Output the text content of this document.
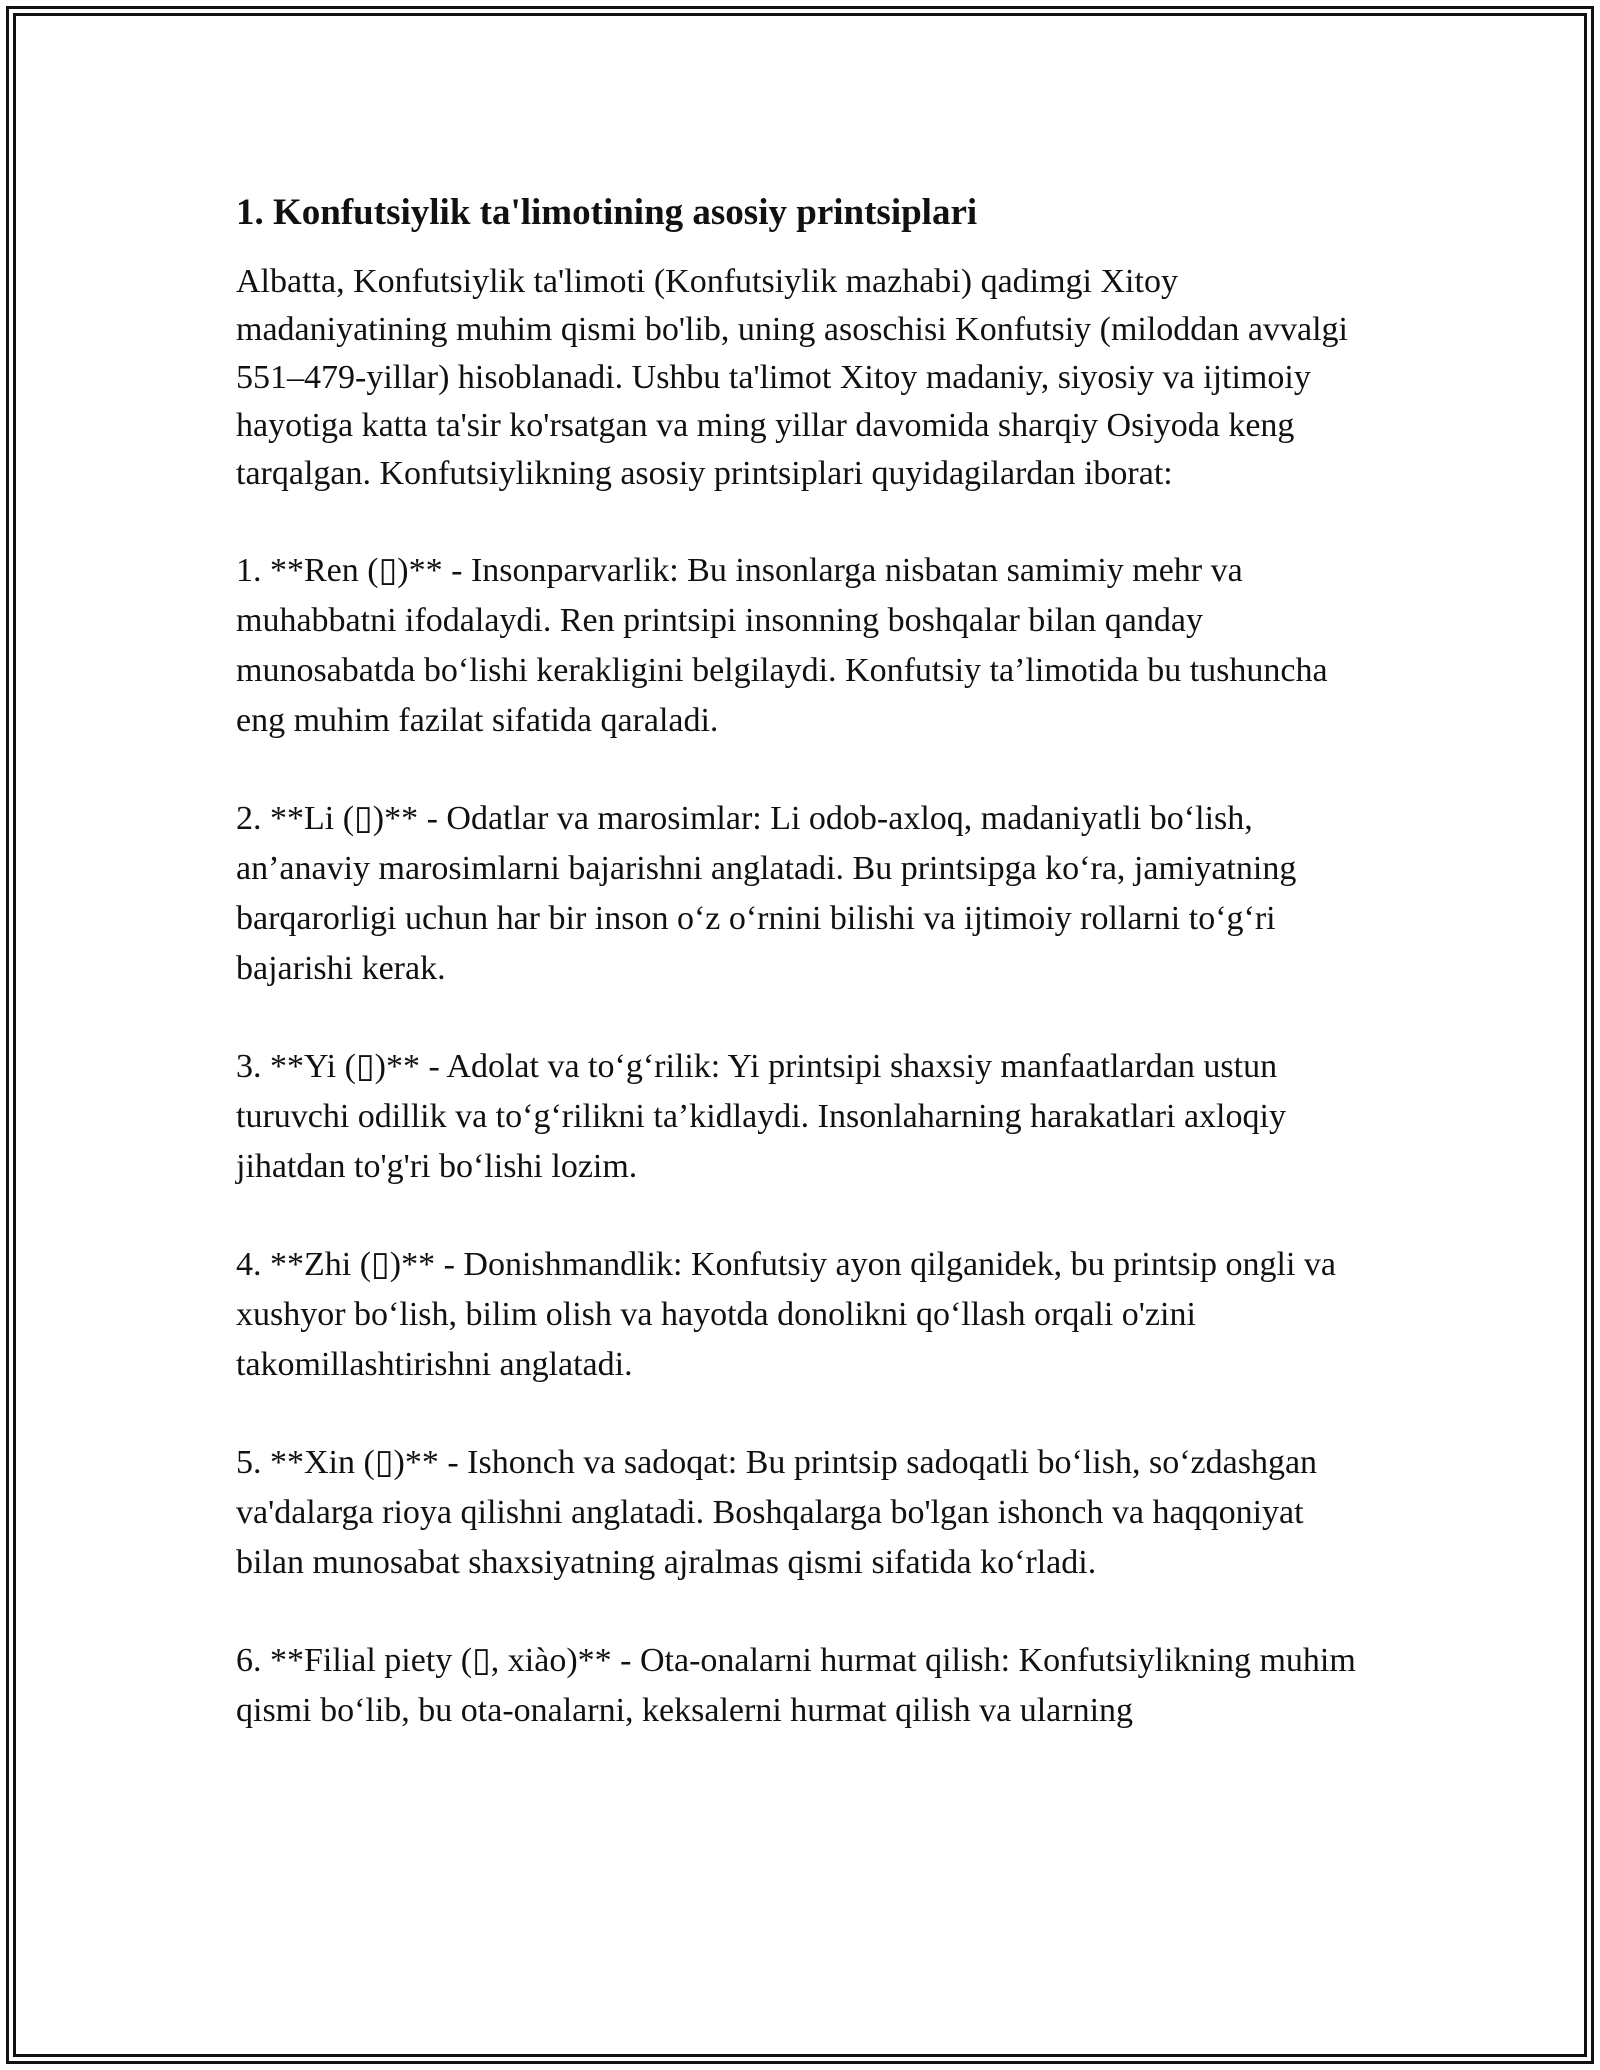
1. Konfutsiylik ta'limotining asosiy printsiplari

Albatta, Konfutsiylik ta'limoti (Konfutsiylik mazhabi) qadimgi Xitoy madaniyatining muhim qismi bo'lib, uning asoschisi Konfutsiy (miloddan avvalgi 551–479-yillar) hisoblanadi. Ushbu ta'limot Xitoy madaniy, siyosiy va ijtimoiy hayotiga katta ta'sir ko'rsatgan va ming yillar davomida sharqiy Osiyoda keng tarqalgan. Konfutsiylikning asosiy printsiplari quyidagilardan iborat:

1. **Ren (▯)** - Insonparvarlik: Bu insonlarga nisbatan samimiy mehr va muhabbatni ifodalaydi. Ren printsipi insonning boshqalar bilan qanday munosabatda bo‘lishi kerakligini belgilaydi. Konfutsiy ta’limotida bu tushuncha eng muhim fazilat sifatida qaraladi.

2. **Li (▯)** - Odatlar va marosimlar: Li odob-axloq, madaniyatli bo‘lish, an’anaviy marosimlarni bajarishni anglatadi. Bu printsipga ko‘ra, jamiyatning barqarorligi uchun har bir inson o‘z o‘rnini bilishi va ijtimoiy rollarni to‘g‘ri bajarishi kerak.

3. **Yi (▯)** - Adolat va to‘g‘rilik: Yi printsipi shaxsiy manfaatlardan ustun turuvchi odillik va to‘g‘rilikni ta’kidlaydi. Insonlaharning harakatlari axloqiy jihatdan to'g'ri bo‘lishi lozim.

4. **Zhi (▯)** - Donishmandlik: Konfutsiy ayon qilganidek, bu printsip ongli va xushyor bo‘lish, bilim olish va hayotda donolikni qo‘llash orqali o'zini takomillashtirishni anglatadi.

5. **Xin (▯)** - Ishonch va sadoqat: Bu printsip sadoqatli bo‘lish, so‘zdashgan va'dalarga rioya qilishni anglatadi. Boshqalarga bo'lgan ishonch va haqqoniyat bilan munosabat shaxsiyatning ajralmas qismi sifatida ko‘rladi.

6. **Filial piety (▯, xiào)** - Ota-onalarni hurmat qilish: Konfutsiylikning muhim qismi bo‘lib, bu ota-onalarni, keksalerni hurmat qilish va ularning
